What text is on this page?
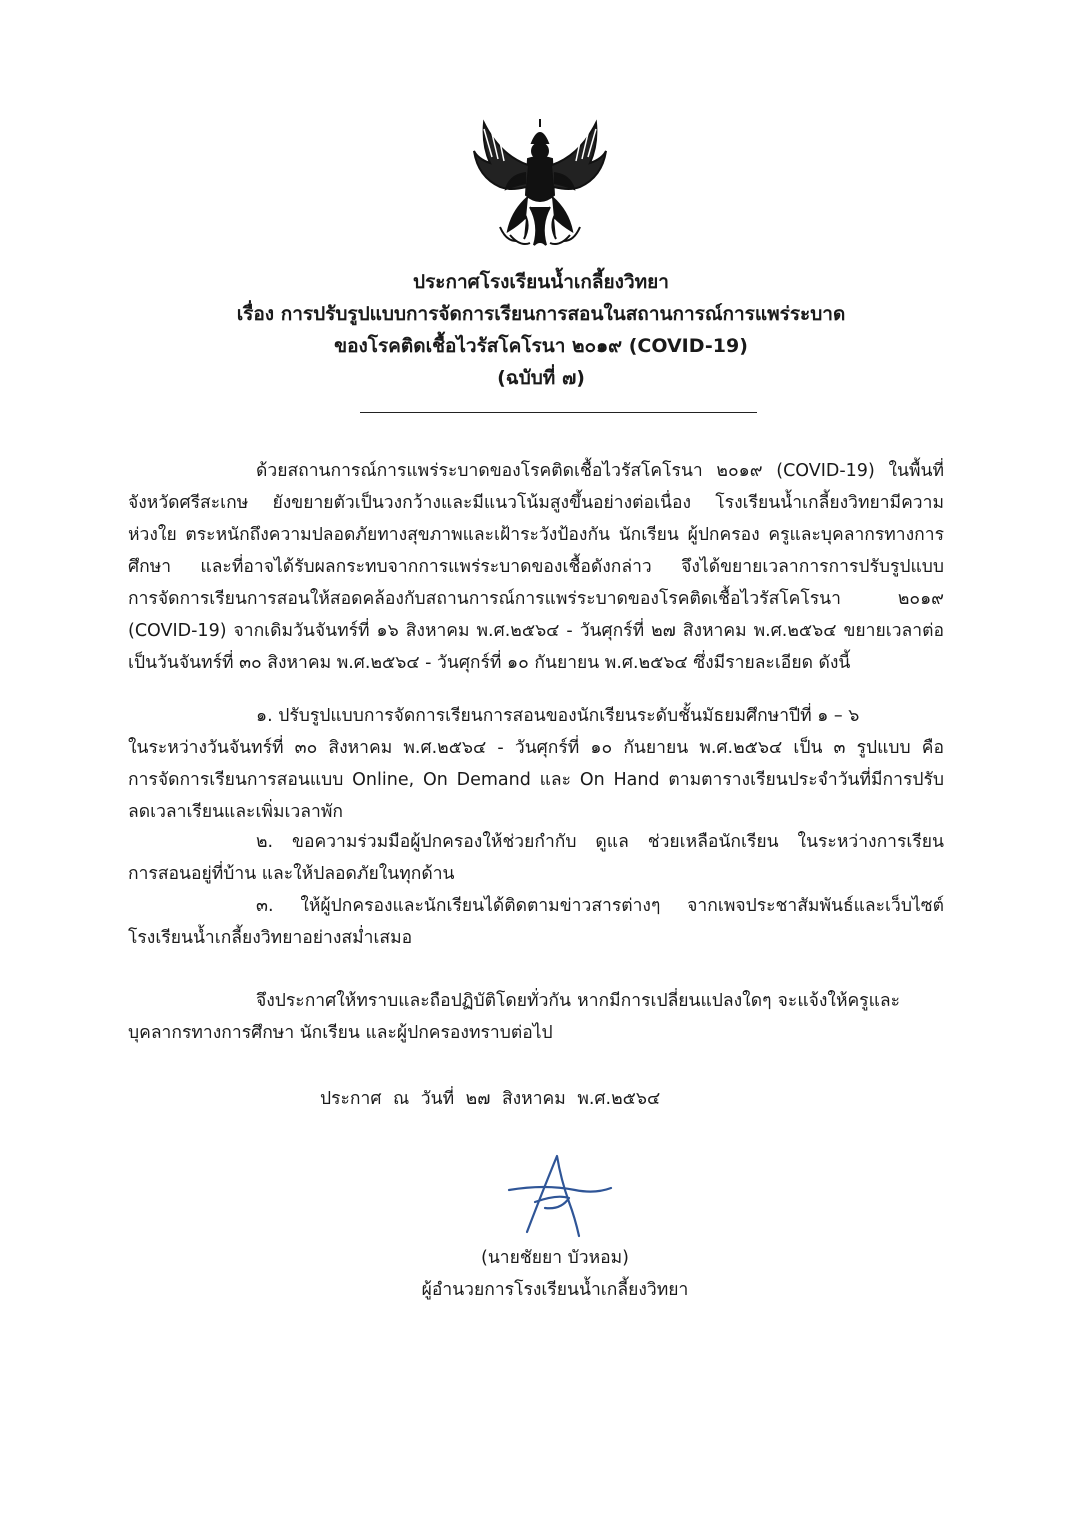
ประกาศโรงเรียนน้ำเกลี้ยงวิทยา
เรื่อง การปรับรูปแบบการจัดการเรียนการสอนในสถานการณ์การแพร่ระบาด
ของโรคติดเชื้อไวรัสโคโรนา ๒๐๑๙ (COVID-19)
(ฉบับที่ ๗)
ด้วยสถานการณ์การแพร่ระบาดของโรคติดเชื้อไวรัสโคโรนา ๒๐๑๙ (COVID-19) ในพื้นที่
จังหวัดศรีสะเกษ ยังขยายตัวเป็นวงกว้างและมีแนวโน้มสูงขึ้นอย่างต่อเนื่อง โรงเรียนน้ำเกลี้ยงวิทยามีความ
ห่วงใย ตระหนักถึงความปลอดภัยทางสุขภาพและเฝ้าระวังป้องกัน นักเรียน ผู้ปกครอง ครูและบุคลากรทางการ
ศึกษา และที่อาจได้รับผลกระทบจากการแพร่ระบาดของเชื้อดังกล่าว จึงได้ขยายเวลาการการปรับรูปแบบ
การจัดการเรียนการสอนให้สอดคล้องกับสถานการณ์การแพร่ระบาดของโรคติดเชื้อไวรัสโคโรนา ๒๐๑๙
(COVID-19) จากเดิมวันจันทร์ที่ ๑๖ สิงหาคม พ.ศ.๒๕๖๔ - วันศุกร์ที่ ๒๗ สิงหาคม พ.ศ.๒๕๖๔ ขยายเวลาต่อ
เป็นวันจันทร์ที่ ๓๐ สิงหาคม พ.ศ.๒๕๖๔ - วันศุกร์ที่ ๑๐ กันยายน พ.ศ.๒๕๖๔ ซึ่งมีรายละเอียด ดังนี้
๑. ปรับรูปแบบการจัดการเรียนการสอนของนักเรียนระดับชั้นมัธยมศึกษาปีที่ ๑ – ๖
ในระหว่างวันจันทร์ที่ ๓๐ สิงหาคม พ.ศ.๒๕๖๔ - วันศุกร์ที่ ๑๐ กันยายน พ.ศ.๒๕๖๔ เป็น ๓ รูปแบบ คือ
การจัดการเรียนการสอนแบบ Online, On Demand และ On Hand ตามตารางเรียนประจำวันที่มีการปรับ
ลดเวลาเรียนและเพิ่มเวลาพัก
๒. ขอความร่วมมือผู้ปกครองให้ช่วยกำกับ ดูแล ช่วยเหลือนักเรียน ในระหว่างการเรียน
การสอนอยู่ที่บ้าน และให้ปลอดภัยในทุกด้าน
๓. ให้ผู้ปกครองและนักเรียนได้ติดตามข่าวสารต่างๆ จากเพจประชาสัมพันธ์และเว็บไซต์
โรงเรียนน้ำเกลี้ยงวิทยาอย่างสม่ำเสมอ
จึงประกาศให้ทราบและถือปฏิบัติโดยทั่วกัน หากมีการเปลี่ยนแปลงใดๆ จะแจ้งให้ครูและ
บุคลากรทางการศึกษา นักเรียน และผู้ปกครองทราบต่อไป
ประกาศ ณ วันที่ ๒๗ สิงหาคม พ.ศ.๒๕๖๔
(นายชัยยา บัวหอม)
ผู้อำนวยการโรงเรียนน้ำเกลี้ยงวิทยา
